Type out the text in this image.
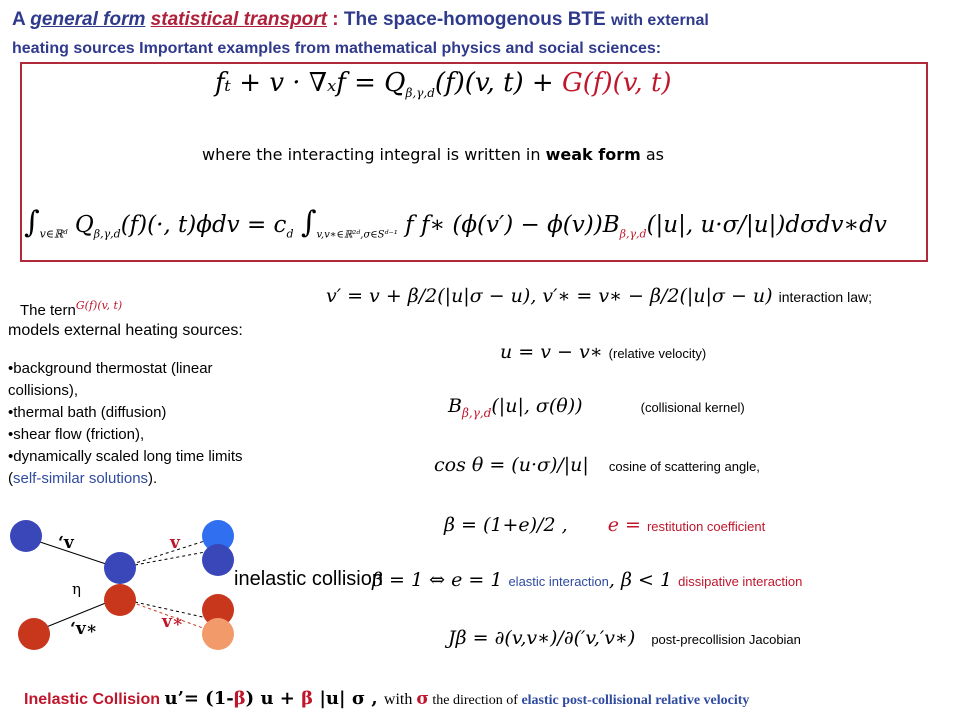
A general form statistical transport : The space-homogenous BTE with external
heating sources Important examples from mathematical physics and social sciences:
$f_t + v \cdot \nabla_xf = Q_{\beta,\gamma,d}(f)(v$, t) + G(f)(v, t)
where the interacting integral is written in weak form as
$\int_{v\in ℝᵈ}$ $Q_{\beta,\gamma,d}(f)(\cdot$, $t)\phi dv = c_d$ $\int_{v,v∗\in ℝ^2ᵈ,\sigma\in Sᵈ^{-1}}$ f f∗ $(\phi(v') - \phi(v))B_{\beta,\gamma,d}(|u|$, u·σ/|u|)dσdv∗dv
The tern$^{G(f)(v, t)}$
models external heating sources:
• background thermostat (linear collisions),
• thermal bath (diffusion)
• shear flow (friction),
• dynamically scaled long time limits (self-similar solutions).
v′ = v + β/2(|u|σ − u), v′∗ = v∗ − β/2(|u|σ − u) interaction law;
u = v − v∗ (relative velocity)
$B_{\beta,\gamma,d}(|u|$, σ(θ))	(collisional kernel)
cos θ = (u·σ)/|u| cosine of scattering angle,
β = (1+e)/2 , e = restitution coefficient
β = 1 ⇔ e = 1 elastic interaction, β < 1 dissipative interaction
Jβ = ∂(v,v∗)/∂(′v,′v∗) post-precollision Jacobian
‘v	v
‘v∗	v∗
η	inelastic collision
Inelastic Collision u’= (1-β) u + β |u| σ , with σ the direction of elastic post-collisional relative velocity
